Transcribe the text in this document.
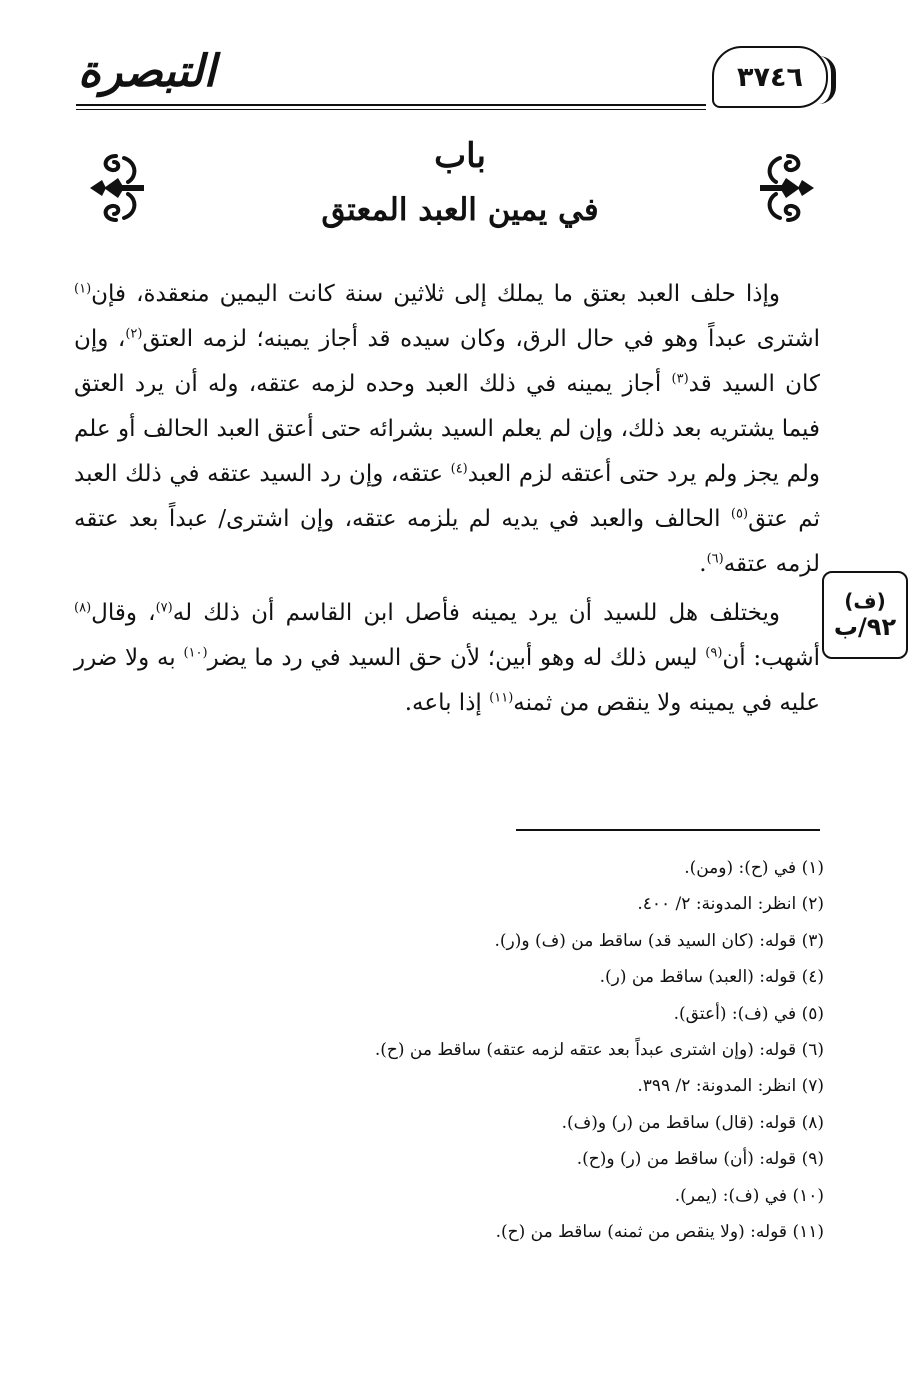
التبصرة	٣٧٤٦
باب
في يمين العبد المعتق

وإذا حلف العبد بعتق ما يملك إلى ثلاثين سنة كانت اليمين منعقدة، فإن$^{(١)}$ اشترى عبداً وهو في حال الرق، وكان سيده قد أجاز يمينه؛ لزمه العتق$^{(٢)}$، وإن كان السيد قد$^{(٣)}$ أجاز يمينه في ذلك العبد وحده لزمه عتقه، وله أن يرد العتق فيما يشتريه بعد ذلك، وإن لم يعلم السيد بشرائه حتى أعتق العبد الحالف أو علم ولم يجز ولم يرد حتى أعتقه لزم العبد$^{(٤)}$ عتقه، وإن رد السيد عتقه في ذلك العبد ثم عتق$^{(٥)}$ الحالف والعبد في يديه لم يلزمه عتقه، وإن اشترى/ عبداً بعد عتقه لزمه عتقه$^{(٦)}$.

ويختلف هل للسيد أن يرد يمينه فأصل ابن القاسم أن ذلك له$^{(٧)}$، وقال$^{(٨)}$ أشهب: أن$^{(٩)}$ ليس ذلك له وهو أبين؛ لأن حق السيد في رد ما يضر$^{(١٠)}$ به ولا ضرر عليه في يمينه ولا ينقص من ثمنه$^{(١١)}$ إذا باعه.

(ف)
٩٢/ب
(١) في (ح): (ومن).
(٢) انظر: المدونة: ٢/ ٤٠٠.
(٣) قوله: (كان السيد قد) ساقط من (ف) و(ر).
(٤) قوله: (العبد) ساقط من (ر).
(٥) في (ف): (أعتق).
(٦) قوله: (وإن اشترى عبداً بعد عتقه لزمه عتقه) ساقط من (ح).
(٧) انظر: المدونة: ٢/ ٣٩٩.
(٨) قوله: (قال) ساقط من (ر) و(ف).
(٩) قوله: (أن) ساقط من (ر) و(ح).
(١٠) في (ف): (يمر).
(١١) قوله: (ولا ينقص من ثمنه) ساقط من (ح).
